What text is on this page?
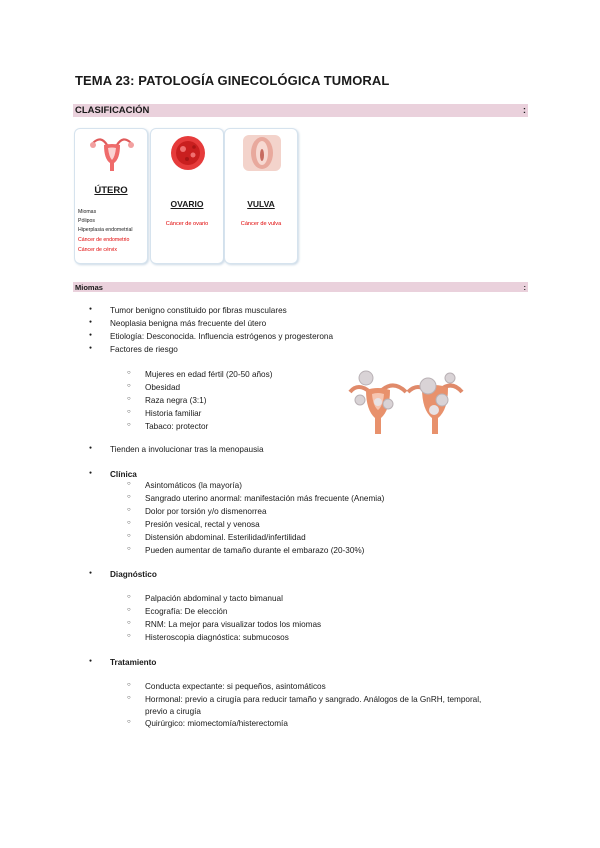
TEMA 23: PATOLOGÍA GINECOLÓGICA TUMORAL
CLASIFICACIÓN	:
ÚTERO
Miomas
Pólipos
Hiperplasia endometrial
Cáncer de endometrio
Cáncer de cérvix
OVARIO
Cáncer de ovario
VULVA
Cáncer de vulva
Miomas	:
● Tumor benigno constituido por fibras musculares
● Neoplasia benigna más frecuente del útero
● Etiología: Desconocida. Influencia estrógenos y progesterona
● Factores de riesgo
○ Mujeres en edad fértil (20-50 años)
○ Obesidad
○ Raza negra (3:1)
○ Historia familiar
○ Tabaco: protector
● Tienden a involucionar tras la menopausia
● Clínica
○ Asintomáticos (la mayoría)
○ Sangrado uterino anormal: manifestación más frecuente (Anemia)
○ Dolor por torsión y/o dismenorrea
○ Presión vesical, rectal y venosa
○ Distensión abdominal. Esterilidad/infertilidad
○ Pueden aumentar de tamaño durante el embarazo (20-30%)
● Diagnóstico
○ Palpación abdominal y tacto bimanual
○ Ecografía: De elección
○ RNM: La mejor para visualizar todos los miomas
○ Histeroscopia diagnóstica: submucosos
● Tratamiento
○ Conducta expectante: si pequeños, asintomáticos
○ Hormonal: previo a cirugía para reducir tamaño y sangrado. Análogos de la GnRH, temporal,
previo a cirugía
○ Quirúrgico: miomectomía/histerectomía
